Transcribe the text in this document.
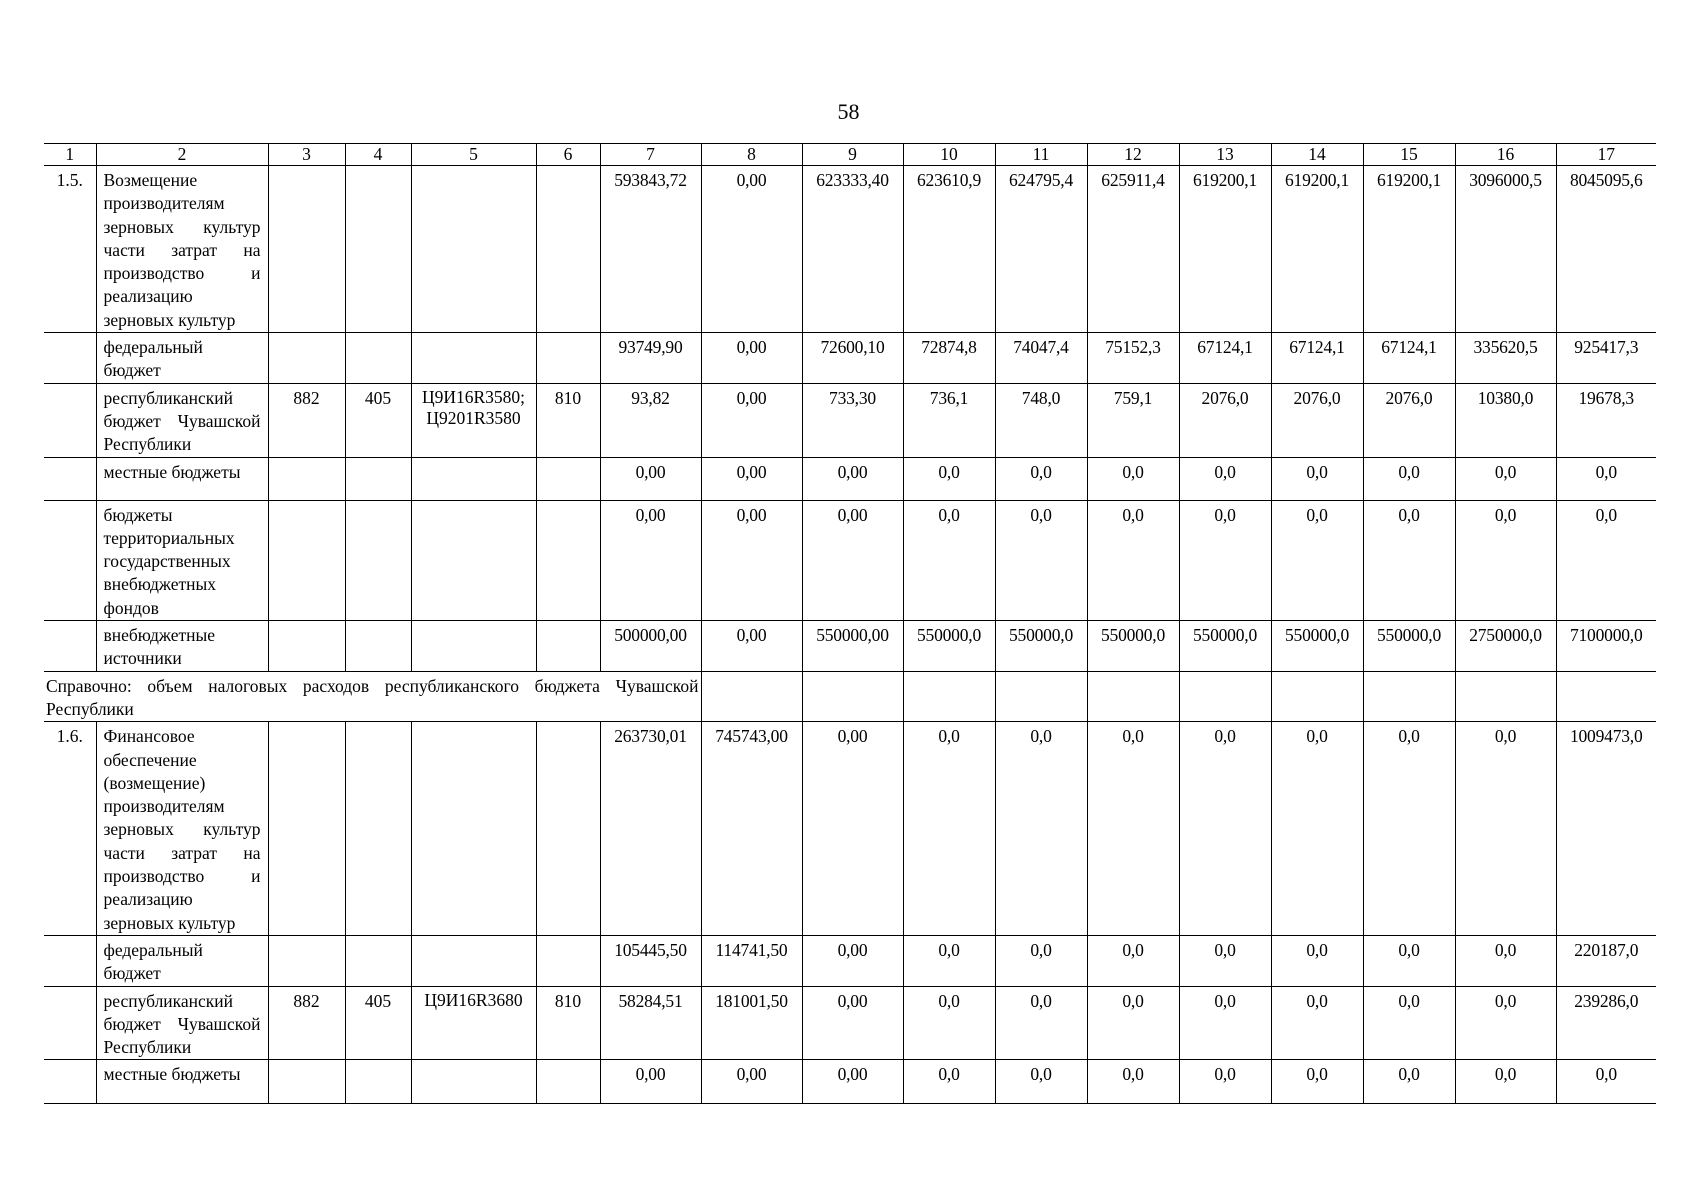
58
1	2	3	4	5	6	7	8	9	10	11	12	13	14	15	16	17
1.5.	Возмещение производителям зерновых культур части затрат на производство и реализацию зерновых культур					593843,72	0,00	623333,40	623610,9	624795,4	625911,4	619200,1	619200,1	619200,1	3096000,5	8045095,6
	федеральный бюджет					93749,90	0,00	72600,10	72874,8	74047,4	75152,3	67124,1	67124,1	67124,1	335620,5	925417,3
	республиканский бюджет Чувашской Республики	882	405	Ц9И16R3580; Ц9201R3580	810	93,82	0,00	733,30	736,1	748,0	759,1	2076,0	2076,0	2076,0	10380,0	19678,3
	местные бюджеты					0,00	0,00	0,00	0,0	0,0	0,0	0,0	0,0	0,0	0,0	0,0
	бюджеты территориальных государственных внебюджетных фондов					0,00	0,00	0,00	0,0	0,0	0,0	0,0	0,0	0,0	0,0	0,0
	внебюджетные источники					500000,00	0,00	550000,00	550000,0	550000,0	550000,0	550000,0	550000,0	550000,0	2750000,0	7100000,0
Справочно: объем налоговых расходов республиканского бюджета Чувашской Республики																
1.6.	Финансовое обеспечение (возмещение) производителям зерновых культур части затрат на производство и реализацию зерновых культур					263730,01	745743,00	0,00	0,0	0,0	0,0	0,0	0,0	0,0	0,0	1009473,0
	федеральный бюджет					105445,50	114741,50	0,00	0,0	0,0	0,0	0,0	0,0	0,0	0,0	220187,0
	республиканский бюджет Чувашской Республики	882	405	Ц9И16R3680	810	58284,51	181001,50	0,00	0,0	0,0	0,0	0,0	0,0	0,0	0,0	239286,0
	местные бюджеты					0,00	0,00	0,00	0,0	0,0	0,0	0,0	0,0	0,0	0,0	0,0
